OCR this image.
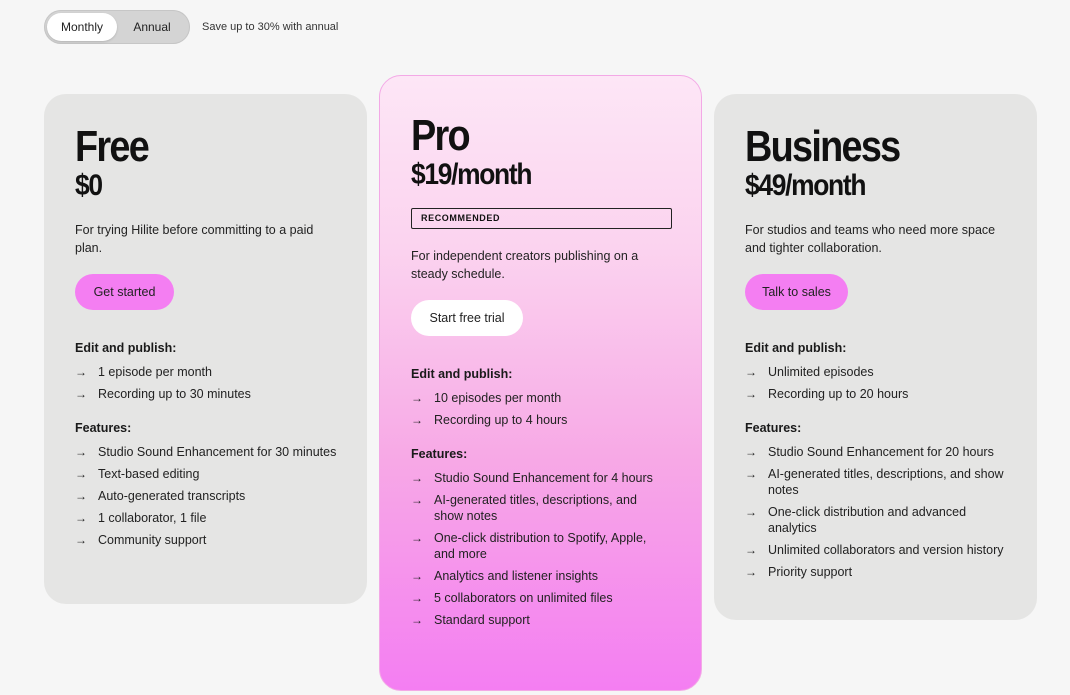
Monthly	Annual	Save up to 30% with annual
Free
$0
For trying Hilite before committing to a paid plan.
Get started
Edit and publish:
→ 1 episode per month
→ Recording up to 30 minutes
Features:
→ Studio Sound Enhancement for 30 minutes
→ Text-based editing
→ Auto-generated transcripts
→ 1 collaborator, 1 file
→ Community support
Pro
$19/month
RECOMMENDED
For independent creators publishing on a steady schedule.
Start free trial
Edit and publish:
→ 10 episodes per month
→ Recording up to 4 hours
Features:
→ Studio Sound Enhancement for 4 hours
→ AI-generated titles, descriptions, and show notes
→ One-click distribution to Spotify, Apple, and more
→ Analytics and listener insights
→ 5 collaborators on unlimited files
→ Standard support
Business
$49/month
For studios and teams who need more space and tighter collaboration.
Talk to sales
Edit and publish:
→ Unlimited episodes
→ Recording up to 20 hours
Features:
→ Studio Sound Enhancement for 20 hours
→ AI-generated titles, descriptions, and show notes
→ One-click distribution and advanced analytics
→ Unlimited collaborators and version history
→ Priority support
